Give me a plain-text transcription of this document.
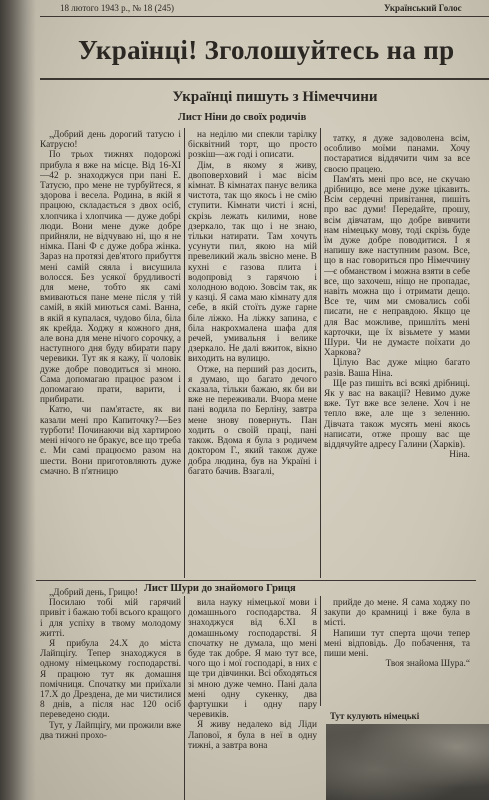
18 лютого 1943 р., № 18 (245)	Український Голос
Українці! Зголошуйтесь на пр
Українці пишуть з Німеччини
Лист Ніни до своїх родичів

„Добрий день дорогий татусю і Катрусю!

По трьох тижнях подорожі прибула я вже на місце. Від 16-XI—42 р. знаходжуся при пані Е. Татусю, про мене не турбуйтеся, я здорова і весела. Родина, в якій я працюю, складається з двох осіб, хлопчика і хлопчика — дуже добрі люди. Вони мене дуже добре прийняли, не відчуваю ні, що я не німка. Пані Ф є дуже добра жінка. Зараз на протязі дев'ятого прибуття мені самій сяяла і висушила волосся. Без усякої брудливості для мене, тобто як самі вмиваються пане мене після у тій самій, в якій миються самі. Ванна, в якій я купалася, чудово біла, біла як крейда. Ходжу я кожного дня, але вона для мене нічого сорочку, а наступного дня буду вбирати пару черевики. Тут як я кажу, її чоловік дуже добре поводиться зі мною. Сама допомагаю працює разом і допомагаю прати, варити, і прибирати.

Катю, чи пам'ятаєте, як ви казали мені про Капиточку?—Без турботи! Починаючи від хартирою мені нічого не бракує, все що треба є. Ми самі працюємо разом на шести. Вони приготовляють дуже смачно. В п'ятницю

на неділю ми спекли тарілку бісквітний торт, що просто розкіш—аж годі і описати.

Дім, в якому я живу, двоповерховий і має вісім кімнат. В кімнатах панує велика чистота, так що якось і не смію ступити. Кімнати чисті і ясні, скрізь лежать килими, нове дзеркало, так що і не знаю, тільки натирати. Там хочуть усунути пил, якою на мій превеликий жаль звісно мене. В кухні є газова плита і водопровід з гарячою і холодною водою. Зовсім так, як у казці. Я сама маю кімнату для себе, в якій стоїть дуже гарне біле ліжко. На ліжку запина, є біла накрохмалена шафа для речей, умивальня і велике дзеркало. Не далі вжиток, вікно виходить на вулицю.

Отже, на перший раз досить, я думаю, що багато дечого сказала, тільки бажаю, як би ви вже не переживали. Вчора мене пані водила по Берліну, завтра мене знову повернуть. Пан ходить о своїй праці, пані також. Вдома я була з родичем доктором Г., який також дуже добра людина, був на Україні і багато бачив. Взагалі,

татку, я дуже задоволена всім, особливо моїми панами. Хочу постаратися віддячити чим за все своєю працею.

Пам'ять мені про все, не скучаю дрібницю, все мене дуже цікавить. Всім сердечні привітання, пишіть про вас думи! Передайте, прошу, всім дівчатам, що добре вивчити нам німецьку мову, тоді скрізь буде їм дуже добре поводитися. І я напишу вже наступним разом. Все, що в нас говориться про Німеччину—є обманством і можна взяти в себе все, що захочеш, ніщо не пропадає, навіть можна що і отримати дещо. Все те, чим ми смовались собі писати, не є неправдою. Якщо це для Вас можливе, пришліть мені карточки, ще їх візьмете у мами Шури. Чи не думаєте поїхати до Харкова?

Цілую Вас дуже міцно багато разів. Ваша Ніна.

Ще раз пишіть всі всякі дрібниці. Як у вас на вакації? Невимо дуже вже. Тут вже все зелене. Хоч і не тепло вже, але ще з зеленню. Дівчата також мусять мені якось написати, отже прошу вас ще віддячуйте адресу Галини (Харків).

Ніна.

Лист Шури до знайомого Гриця

„Добрий день, Грицю!

Посилаю тобі мій гарячий привіт і бажаю тобі всього кращого і для успіху в твому молодому житті.

Я прибула 24.X до міста Лайпціґу. Тепер знаходжуся в одному німецькому господарстві. Я працюю тут як домашня помічниця. Спочатку ми приїхали 17.X до Дрездена, де ми чистилися 8 днів, а після нас 120 осіб переведено сюди.

Тут, у Лайпціґу, ми прожили вже два тижні прохо-

вила науку німецької мови і домашнього господарства. Я знаходжуся від 6.XI в домашньому господарстві. Я спочатку не думала, що мені буде так добре. Я маю тут все, чого що і мої господарі, в них є ще три дівчинки. Всі обходяться зі мною дуже чемно. Пані дала мені одну сукенку, два фартушки і одну пару черевиків.

Я живу недалеко від Ліди Лапової, я була в неї в одну тижні, а завтра вона

прийде до мене. Я сама ходжу по закупи до крамниці і вже була в місті.

Напиши тут сперта щочи тепер мені відповідь. До побачення, та пиши мені.

Твоя знайома Шура.“

Тут кулують німецькі
